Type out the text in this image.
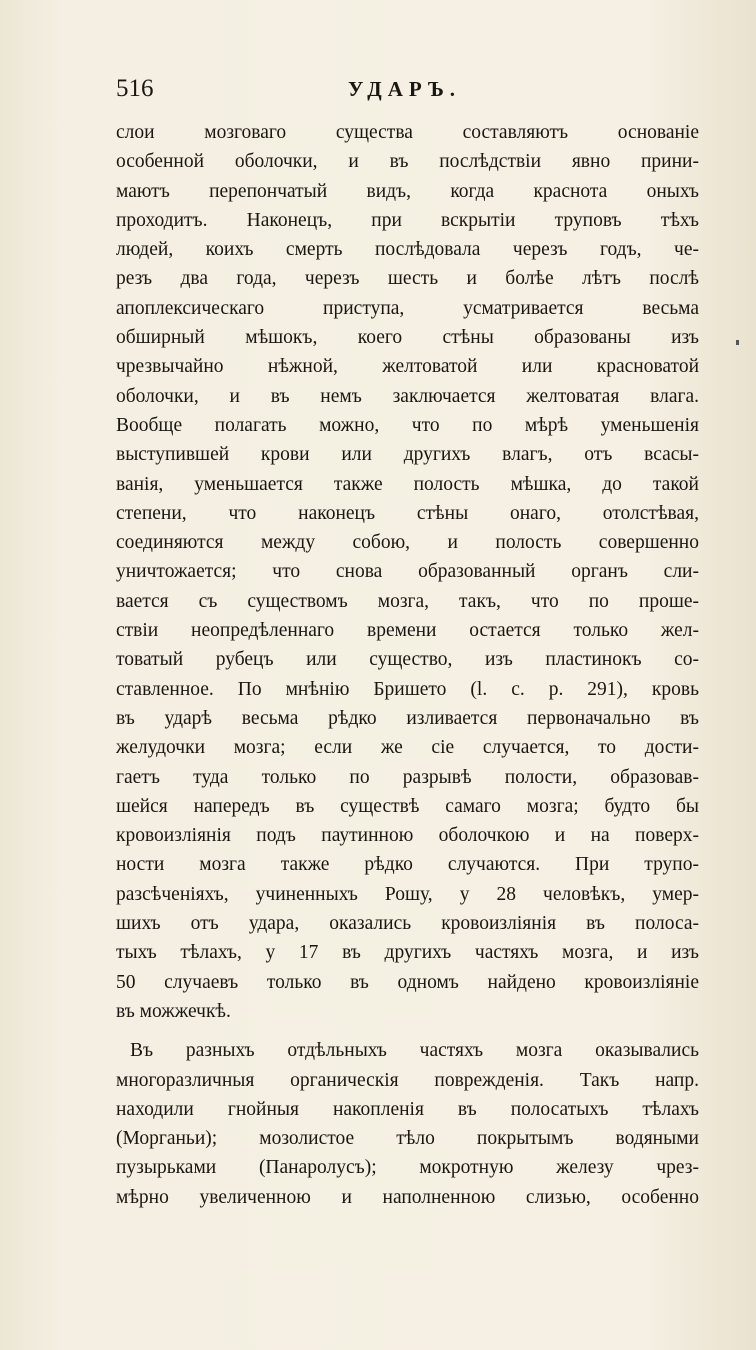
516	УДАРЪ.
слои мозговаго существа составляютъ основаніе
особенной оболочки, и въ послѣдствіи явно прини-
маютъ перепончатый видъ, когда краснота оныхъ
проходитъ. Наконецъ, при вскрытіи труповъ тѣхъ
людей, коихъ смерть послѣдовала черезъ годъ, че-
резъ два года, черезъ шесть и болѣе лѣтъ послѣ
апоплексическаго приступа, усматривается весьма
обширный мѣшокъ, коего стѣны образованы изъ
чрезвычайно нѣжной, желтоватой или красноватой
оболочки, и въ немъ заключается желтоватая влага.
Вообще полагать можно, что по мѣрѣ уменьшенія
выступившей крови или другихъ влагъ, отъ всасы-
ванія, уменьшается также полость мѣшка, до такой
степени, что наконецъ стѣны онаго, отолстѣвая,
соединяются между собою, и полость совершенно
уничтожается; что снова образованный органъ сли-
вается съ существомъ мозга, такъ, что по проше-
ствіи неопредѣленнаго времени остается только жел-
товатый рубецъ или существо, изъ пластинокъ со-
ставленное. По мнѣнію Бришето (l. c. p. 291), кровь
въ ударѣ весьма рѣдко изливается первоначально въ
желудочки мозга; если же сіе случается, то дости-
гаетъ туда только по разрывѣ полости, образовав-
шейся напередъ въ существѣ самаго мозга; будто бы
кровоизліянія подъ паутинною оболочкою и на поверх-
ности мозга также рѣдко случаются. При трупо-
разсѣченіяхъ, учиненныхъ Рошу, у 28 человѣкъ, умер-
шихъ отъ удара, оказались кровоизліянія въ полоса-
тыхъ тѣлахъ, у 17 въ другихъ частяхъ мозга, и изъ
50 случаевъ только въ одномъ найдено кровоизліяніе
въ можжечкѣ.
Въ разныхъ отдѣльныхъ частяхъ мозга оказывались
многоразличныя органическія поврежденія. Такъ напр.
находили гнойныя накопленія въ полосатыхъ тѣлахъ
(Морганьи); мозолистое тѣло покрытымъ водяными
пузырьками (Панаролусъ); мокротную железу чрез-
мѣрно увеличенною и наполненною слизью, особенно
